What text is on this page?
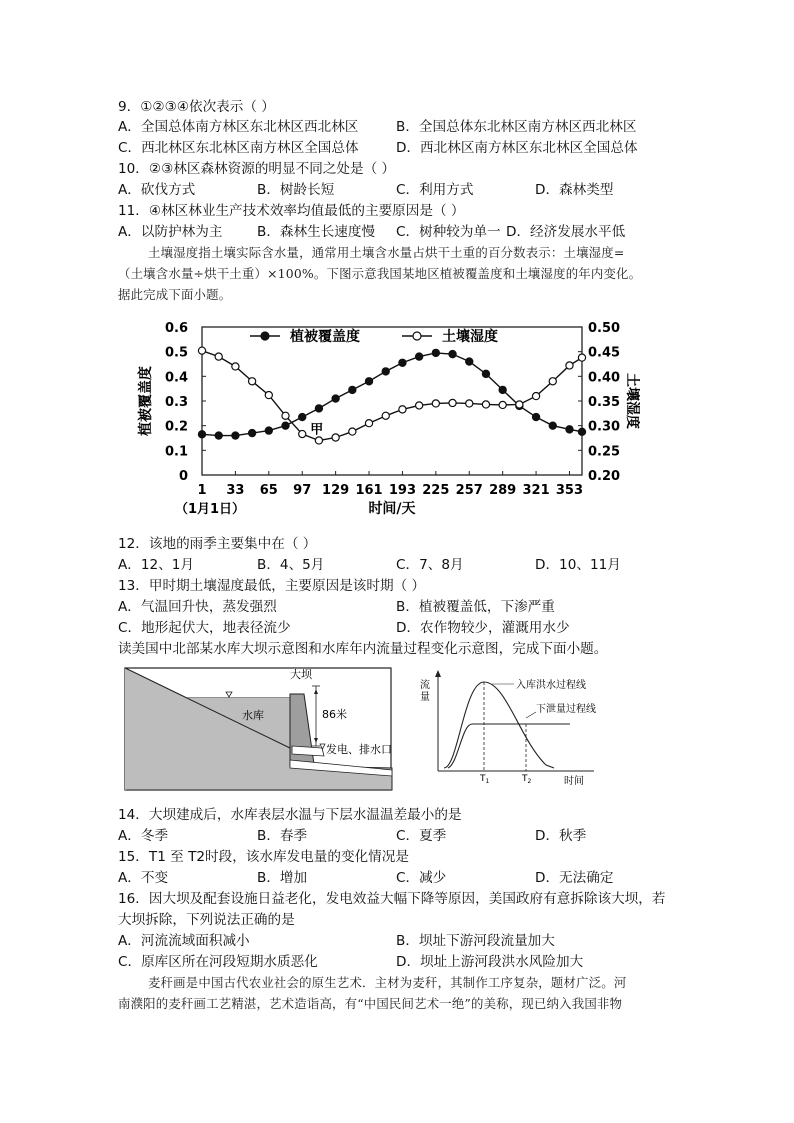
9．①②③④依次表示（ ）
A．全国总体南方林区东北林区西北林区	B．全国总体东北林区南方林区西北林区
C．西北林区东北林区南方林区全国总体	D．西北林区南方林区东北林区全国总体
10．②③林区森林资源的明显不同之处是（ ）
A．砍伐方式	B．树龄长短	C．利用方式	D．森林类型
11．④林区林业生产技术效率均值最低的主要原因是（ ）
A．以防护林为主	B．森林生长速度慢 C．树种较为单一 D．经济发展水平低
土壤湿度指土壤实际含水量，通常用土壤含水量占烘干土重的百分数表示：土壤湿度=
（土壤含水量÷烘干土重）×100%。下图示意我国某地区植被覆盖度和土壤湿度的年内变化。
据此完成下面小题。
0
0.1
0.2
0.3
0.4
0.5
0.6
0.20
0.25
0.30
0.35
0.40
0.45
0.50
1 33 65 97 129 161 193 225 257 289 321 353
（1月1日）	时间/天
植被覆盖度	土壤湿度
植被覆盖度	土壤湿度
甲
12．该地的雨季主要集中在（ ）
A．12、1月	B．4、5月	C．7、8月	D．10、11月
13．甲时期土壤湿度最低，主要原因是该时期（ ）
A．气温回升快，蒸发强烈	B．植被覆盖低，下渗严重
C．地形起伏大，地表径流少	D．农作物较少，灌溉用水少
读美国中北部某水库大坝示意图和水库年内流量过程变化示意图，完成下面小题。
大坝
水库	86米
发电、排水口
流
量
入库洪水过程线
下泄量过程线
$T_1$	$T_2$	时间
14．大坝建成后，水库表层水温与下层水温温差最小的是
A．冬季	B．春季	C．夏季	D．秋季
15．T1 至 T2时段，该水库发电量的变化情况是
A．不变	B．增加	C．减少	D．无法确定
16．因大坝及配套设施日益老化，发电效益大幅下降等原因，美国政府有意拆除该大坝，若
大坝拆除，下列说法正确的是
A．河流流域面积减小	B．坝址下游河段流量加大
C．原库区所在河段短期水质恶化	D．坝址上游河段洪水风险加大
麦秆画是中国古代农业社会的原生艺术．主材为麦秆，其制作工序复杂，题材广泛。河
南濮阳的麦秆画工艺精湛，艺术造诣高，有“中国民间艺术一绝”的美称，现已纳入我国非物
